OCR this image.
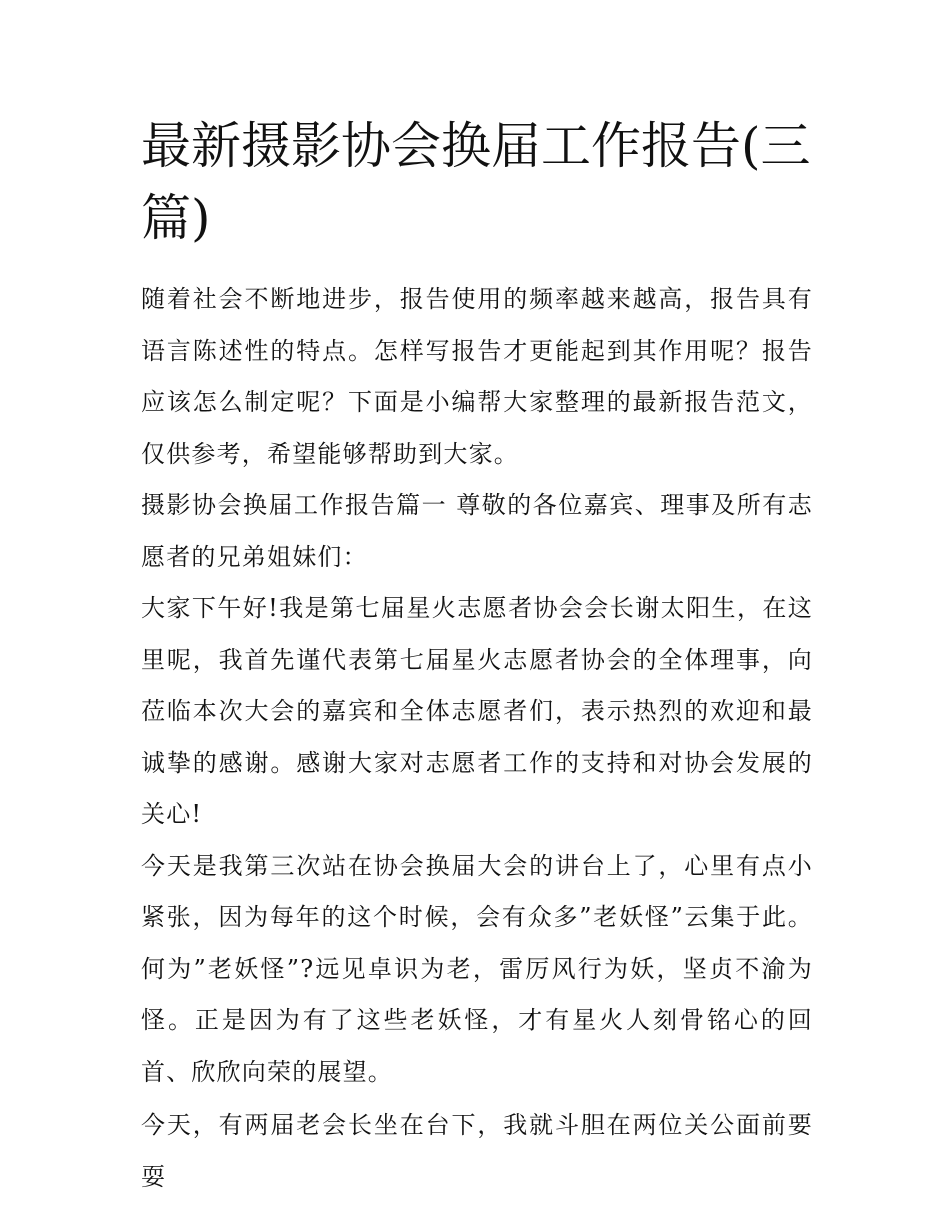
最新摄影协会换届工作报告(三篇)

随着社会不断地进步，报告使用的频率越来越高，报告具有语言陈述性的特点。怎样写报告才更能起到其作用呢？报告应该怎么制定呢？下面是小编帮大家整理的最新报告范文，仅供参考，希望能够帮助到大家。

摄影协会换届工作报告篇一 尊敬的各位嘉宾、理事及所有志愿者的兄弟姐妹们：

大家下午好!我是第七届星火志愿者协会会长谢太阳生，在这里呢，我首先谨代表第七届星火志愿者协会的全体理事，向莅临本次大会的嘉宾和全体志愿者们，表示热烈的欢迎和最诚挚的感谢。感谢大家对志愿者工作的支持和对协会发展的关心!

今天是我第三次站在协会换届大会的讲台上了，心里有点小紧张，因为每年的这个时候，会有众多”老妖怪”云集于此。何为”老妖怪”?远见卓识为老，雷厉风行为妖，坚贞不渝为怪。正是因为有了这些老妖怪，才有星火人刻骨铭心的回首、欣欣向荣的展望。

今天，有两届老会长坐在台下，我就斗胆在两位关公面前要耍
